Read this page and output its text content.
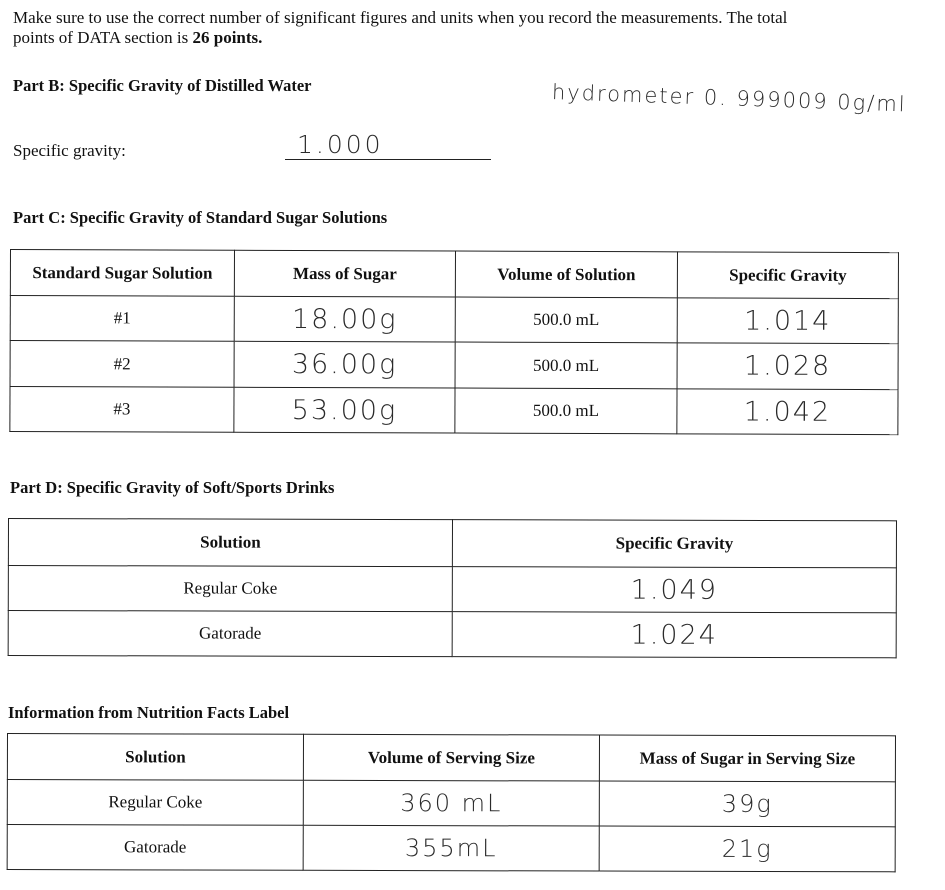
Make sure to use the correct number of significant figures and units when you record the measurements. The total
points of DATA section is 26 points.
Part B: Specific Gravity of Distilled Water	hydrometer 0. 999009 0g/ml
Specific gravity:	1.000
Part C: Specific Gravity of Standard Sugar Solutions
Standard Sugar Solution	Mass of Sugar	Volume of Solution	Specific Gravity
#1	18.00g	500.0 mL	1.014
#2	36.00g	500.0 mL	1.028
#3	53.00g	500.0 mL	1.042
Part D: Specific Gravity of Soft/Sports Drinks
Solution	Specific Gravity
Regular Coke	1.049
Gatorade	1.024
Information from Nutrition Facts Label
Solution	Volume of Serving Size	Mass of Sugar in Serving Size
Regular Coke	360 mL	39g
Gatorade	355mL	21g
